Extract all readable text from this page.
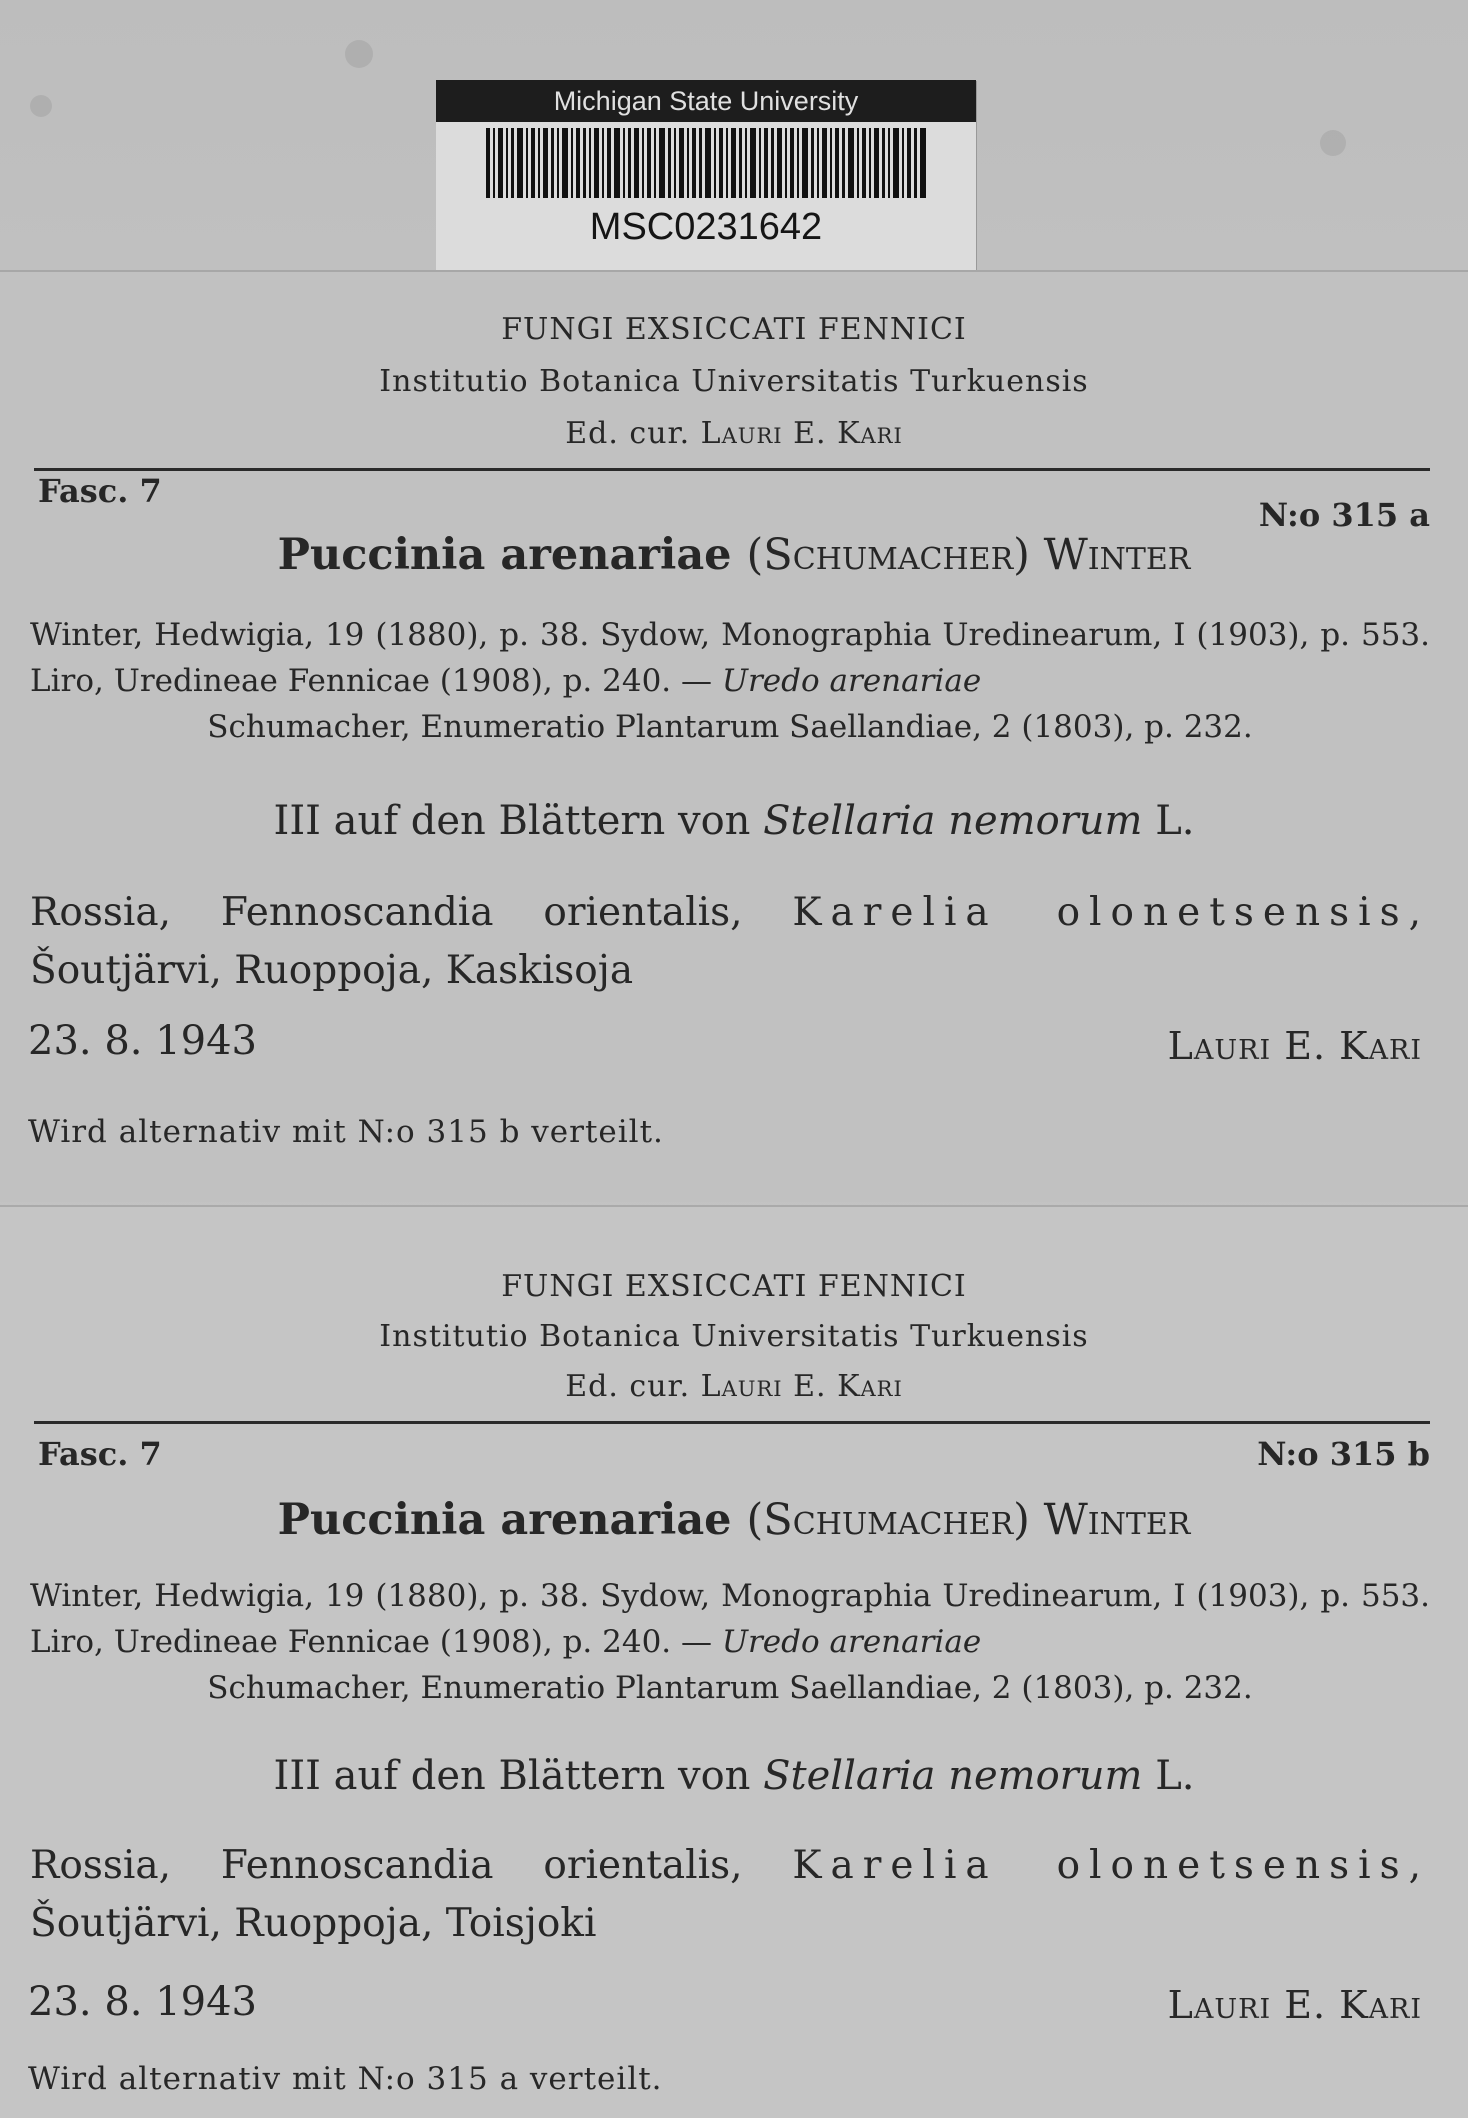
Michigan State University
MSC0231642
FUNGI EXSICCATI FENNICI
Institutio Botanica Universitatis Turkuensis
Ed. cur. Lauri E. Kari
Fasc. 7
N:o 315 a
Puccinia arenariae (Schumacher) Winter
Winter, Hedwigia, 19 (1880), p. 38. Sydow, Monographia Uredinearum, I (1903), p. 553. Liro, Uredineae Fennicae (1908), p. 240. — Uredo arenariae
Schumacher, Enumeratio Plantarum Saellandiae, 2 (1803), p. 232.
III auf den Blättern von Stellaria nemorum L.
Rossia, Fennoscandia orientalis, Karelia olonetsensis, Šoutjärvi, Ruoppoja, Kaskisoja
23. 8. 1943	Lauri E. Kari
Wird alternativ mit N:o 315 b verteilt.
FUNGI EXSICCATI FENNICI
Institutio Botanica Universitatis Turkuensis
Ed. cur. Lauri E. Kari
Fasc. 7	N:o 315 b
Puccinia arenariae (Schumacher) Winter
Winter, Hedwigia, 19 (1880), p. 38. Sydow, Monographia Uredinearum, I (1903), p. 553. Liro, Uredineae Fennicae (1908), p. 240. — Uredo arenariae
Schumacher, Enumeratio Plantarum Saellandiae, 2 (1803), p. 232.
III auf den Blättern von Stellaria nemorum L.
Rossia, Fennoscandia orientalis, Karelia olonetsensis, Šoutjärvi, Ruoppoja, Toisjoki
23. 8. 1943	Lauri E. Kari
Wird alternativ mit N:o 315 a verteilt.
